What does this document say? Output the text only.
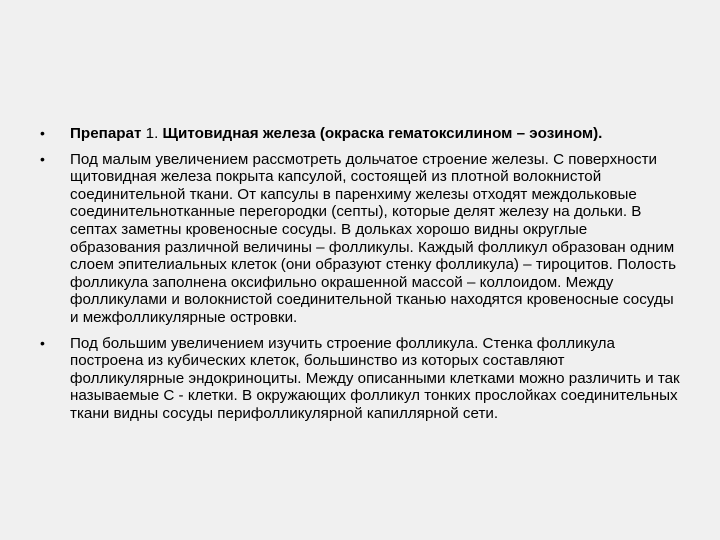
•	Препарат 1. Щитовидная железа (окраска гематоксилином – эозином).
•	Под малым увеличением рассмотреть дольчатое строение железы. С поверхности щитовидная железа покрыта капсулой, состоящей из плотной волокнистой соединительной ткани. От капсулы в паренхиму железы отходят междольковые соединительнотканные перегородки (септы), которые делят железу на дольки. В септах заметны кровеносные сосуды. В дольках хорошо видны округлые образования различной величины – фолликулы. Каждый фолликул образован одним слоем эпителиальных клеток (они образуют стенку фолликула) – тироцитов. Полость фолликула заполнена оксифильно окрашенной массой – коллоидом. Между фолликулами и волокнистой соединительной тканью находятся кровеносные сосуды и межфолликулярные островки.
•	Под большим увеличением изучить строение фолликула. Стенка фолликула построена из кубических клеток, большинство из которых составляют фолликулярные эндокриноциты. Между описанными клетками можно различить и так называемые С - клетки. В окружающих фолликул тонких прослойках соединительных ткани видны сосуды перифолликулярной капиллярной сети.
